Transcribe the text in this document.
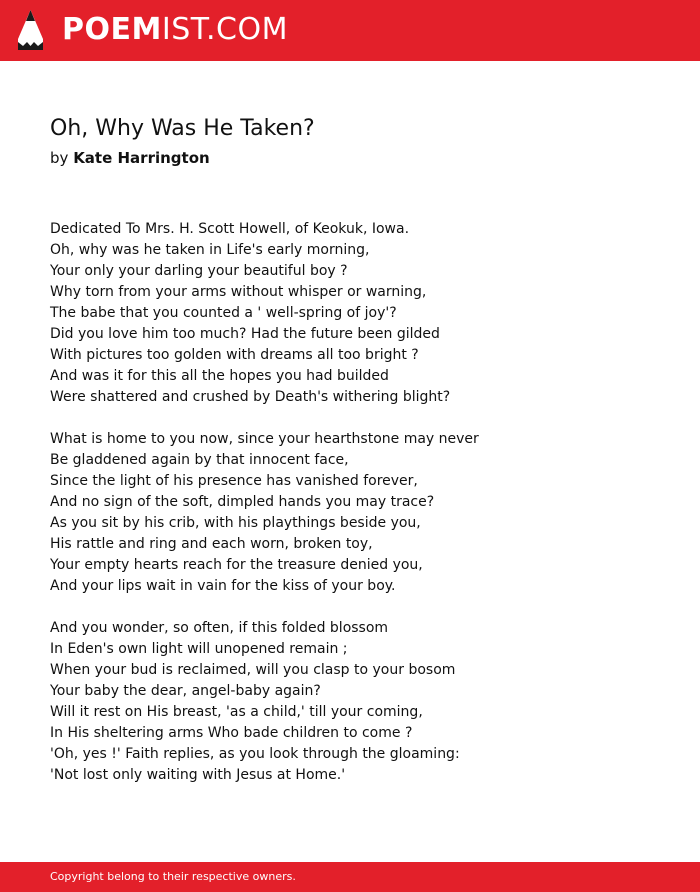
POEMIST.COM
Oh, Why Was He Taken?
by Kate Harrington
Dedicated To Mrs. H. Scott Howell, of Keokuk, Iowa.
Oh, why was he taken in Life's early morning,
Your only your darling your beautiful boy ?
Why torn from your arms without whisper or warning,
The babe that you counted a ' well-spring of joy'?
Did you love him too much? Had the future been gilded
With pictures too golden with dreams all too bright ?
And was it for this all the hopes you had builded
Were shattered and crushed by Death's withering blight?
What is home to you now, since your hearthstone may never
Be gladdened again by that innocent face,
Since the light of his presence has vanished forever,
And no sign of the soft, dimpled hands you may trace?
As you sit by his crib, with his playthings beside you,
His rattle and ring and each worn, broken toy,
Your empty hearts reach for the treasure denied you,
And your lips wait in vain for the kiss of your boy.
And you wonder, so often, if this folded blossom
In Eden's own light will unopened remain ;
When your bud is reclaimed, will you clasp to your bosom
Your baby the dear, angel-baby again?
Will it rest on His breast, 'as a child,' till your coming,
In His sheltering arms Who bade children to come ?
'Oh, yes !' Faith replies, as you look through the gloaming:
'Not lost only waiting with Jesus at Home.'
Copyright belong to their respective owners.
